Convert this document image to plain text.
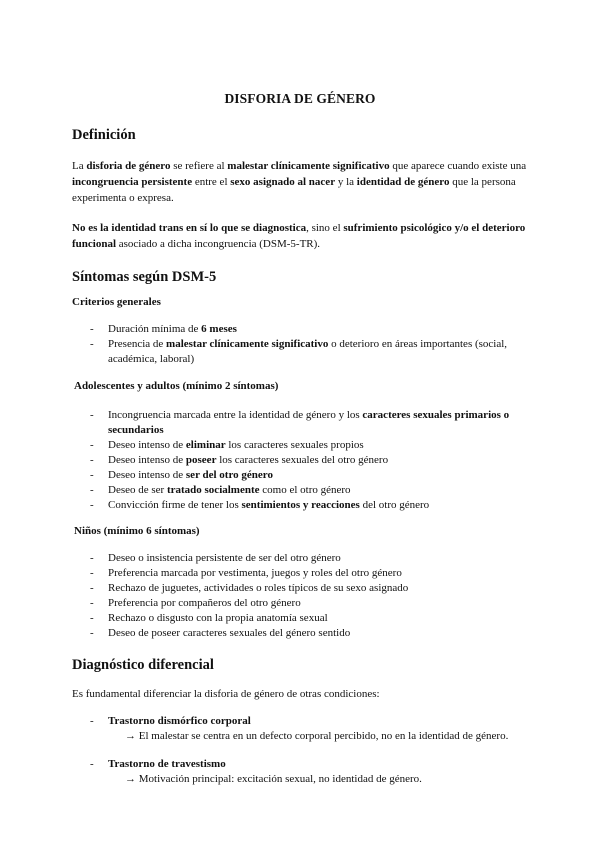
DISFORIA DE GÉNERO
Definición

La disforia de género se refiere al malestar clínicamente significativo que aparece cuando existe una incongruencia persistente entre el sexo asignado al nacer y la identidad de género que la persona experimenta o expresa.

No es la identidad trans en sí lo que se diagnostica, sino el sufrimiento psicológico y/o el deterioro funcional asociado a dicha incongruencia (DSM-5-TR).

Síntomas según DSM-5
Criterios generales
- Duración mínima de 6 meses
- Presencia de malestar clínicamente significativo o deterioro en áreas importantes (social, académica, laboral)
Adolescentes y adultos (mínimo 2 síntomas)
- Incongruencia marcada entre la identidad de género y los caracteres sexuales primarios o secundarios
- Deseo intenso de eliminar los caracteres sexuales propios
- Deseo intenso de poseer los caracteres sexuales del otro género
- Deseo intenso de ser del otro género
- Deseo de ser tratado socialmente como el otro género
- Convicción firme de tener los sentimientos y reacciones del otro género
Niños (mínimo 6 síntomas)
- Deseo o insistencia persistente de ser del otro género
- Preferencia marcada por vestimenta, juegos y roles del otro género
- Rechazo de juguetes, actividades o roles típicos de su sexo asignado
- Preferencia por compañeros del otro género
- Rechazo o disgusto con la propia anatomía sexual
- Deseo de poseer caracteres sexuales del género sentido
Diagnóstico diferencial

Es fundamental diferenciar la disforia de género de otras condiciones:

- Trastorno dismórfico corporal
→ El malestar se centra en un defecto corporal percibido, no en la identidad de género.
- Trastorno de travestismo
→ Motivación principal: excitación sexual, no identidad de género.
